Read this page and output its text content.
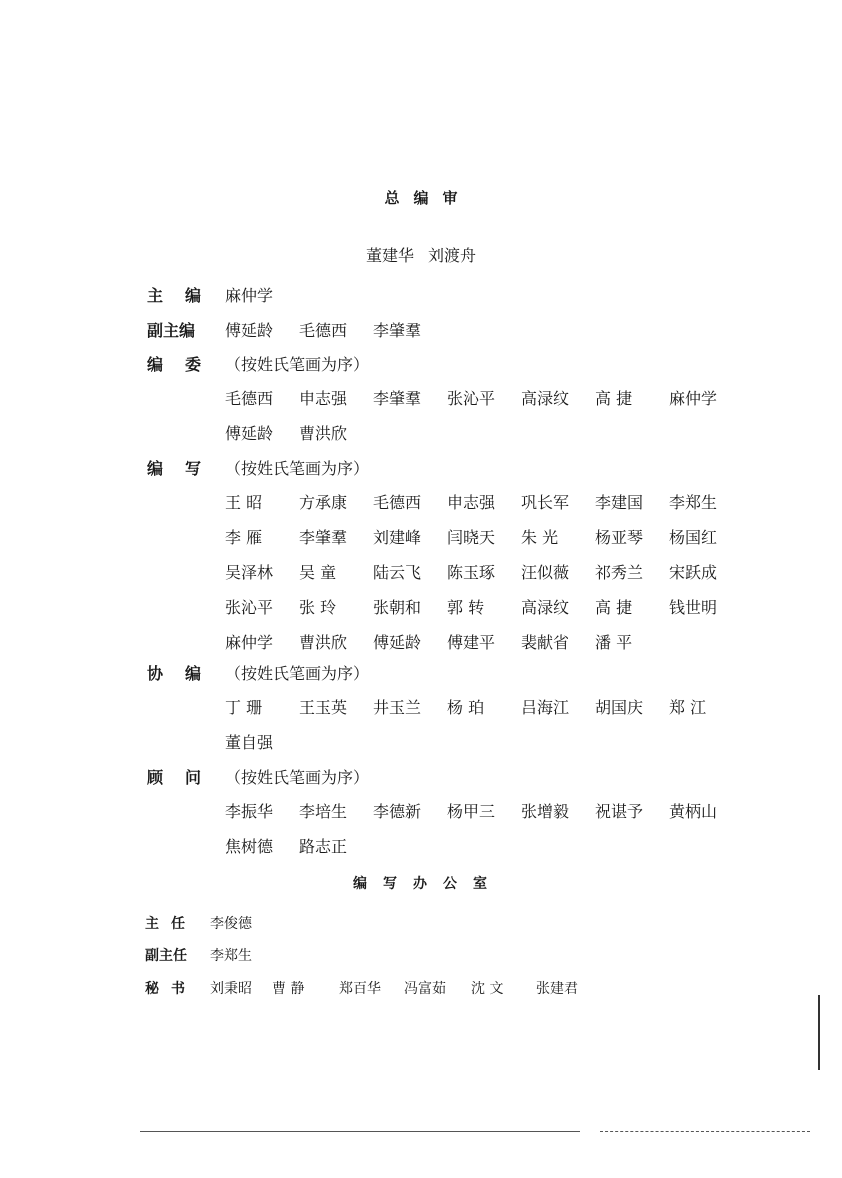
总编审
董建华 刘渡舟
主编 麻仲学
副主编 傅延龄 毛德西 李肇羣
编委 （按姓氏笔画为序）
毛德西 申志强 李肇羣 张沁平 高渌纹 高 捷 麻仲学
傅延龄 曹洪欣
编写 （按姓氏笔画为序）
王 昭 方承康 毛德西 申志强 巩长军 李建国 李郑生
李 雁 李肇羣 刘建峰 闫晓天 朱 光 杨亚琴 杨国红
吴泽林 吴 童 陆云飞 陈玉琢 汪似薇 祁秀兰 宋跃成
张沁平 张 玲 张朝和 郭 转 高渌纹 高 捷 钱世明
麻仲学 曹洪欣 傅延龄 傅建平 裴献省 潘 平
协编 （按姓氏笔画为序）
丁 珊 王玉英 井玉兰 杨 珀 吕海江 胡国庆 郑 江
董自强
顾问 （按姓氏笔画为序）
李振华 李培生 李德新 杨甲三 张增毅 祝谌予 黄柄山
焦树德 路志正
编写办公室
主任 李俊德
副主任 李郑生
秘书 刘秉昭 曹 静 郑百华 冯富茹 沈 文 张建君
